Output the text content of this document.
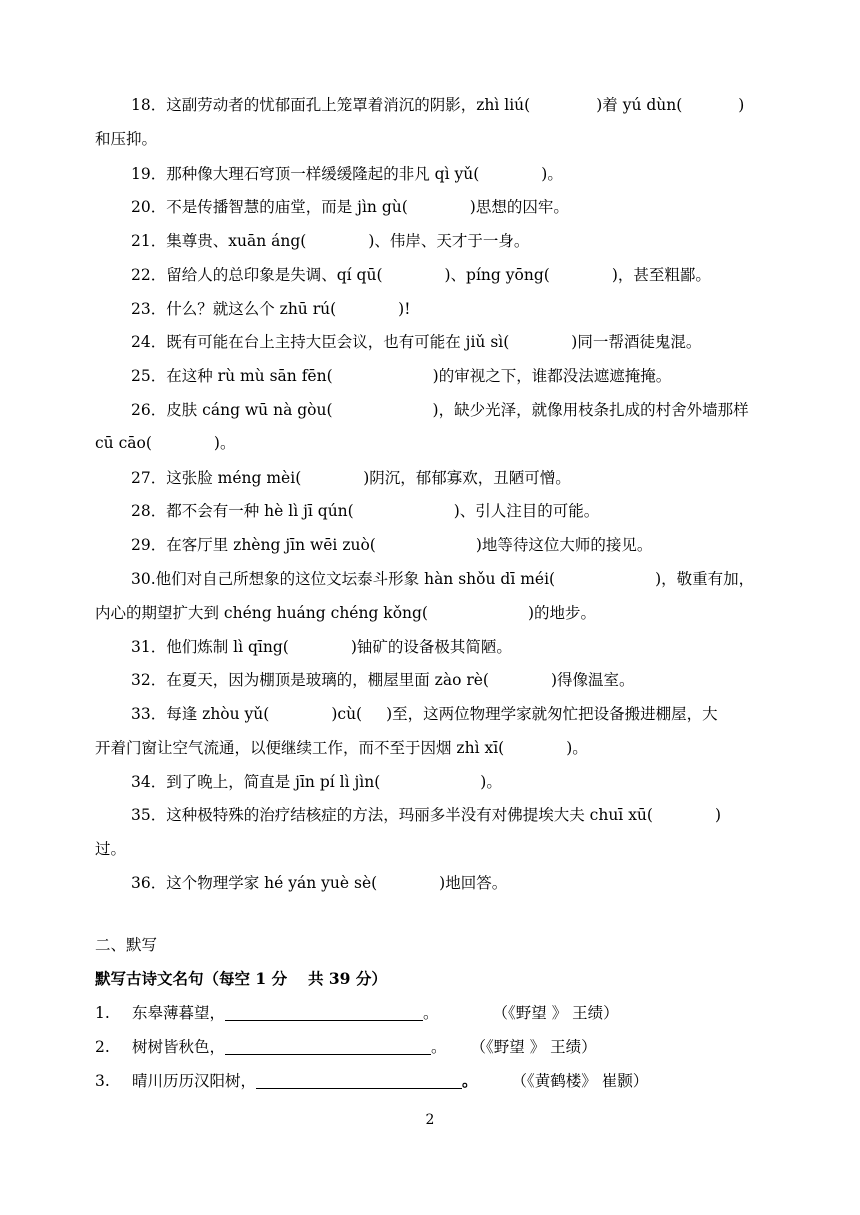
18．这副劳动者的忧郁面孔上笼罩着消沉的阴影，zhì liú(	)着 yú dùn(	)
和压抑。
19．那种像大理石穹顶一样缓缓隆起的非凡 qì yǔ(	)。
20．不是传播智慧的庙堂，而是 jìn gù(	)思想的囚牢。
21．集尊贵、xuān áng(	)、伟岸、天才于一身。
22．留给人的总印象是失调、qí qū(	)、píng yōng(	)，甚至粗鄙。
23．什么？就这么个 zhū rú(	)!
24．既有可能在台上主持大臣会议，也有可能在 jiǔ sì(	)同一帮酒徒鬼混。
25．在这种 rù mù sān fēn(	)的审视之下，谁都没法遮遮掩掩。
26．皮肤 cáng wū nà gòu(	)，缺少光泽，就像用枝条扎成的村舍外墙那样
cū cāo(	)。
27．这张脸 méng mèi(	)阴沉，郁郁寡欢，丑陋可憎。
28．都不会有一种 hè lì jī qún(	)、引人注目的可能。
29．在客厅里 zhèng jīn wēi zuò(	)地等待这位大师的接见。
30.他们对自己所想象的这位文坛泰斗形象 hàn shǒu dī méi(	)，敬重有加，
内心的期望扩大到 chéng huáng chéng kǒng(	)的地步。
31．他们炼制 lì qīng(	)铀矿的设备极其简陋。
32．在夏天，因为棚顶是玻璃的，棚屋里面 zào rè(	)得像温室。
33．每逢 zhòu yǔ(	)cù( )至，这两位物理学家就匆忙把设备搬进棚屋，大
开着门窗让空气流通，以便继续工作，而不至于因烟 zhì xī(	)。
34．到了晚上，简直是 jīn pí lì jìn(	)。
35．这种极特殊的治疗结核症的方法，玛丽多半没有对佛提埃大夫 chuī xū(	)
过。
36．这个物理学家 hé yán yuè sè(	)地回答。
二、默写
默写古诗文名句（每空 1 分　 共 39 分）
1. 东皋薄暮望，	。	（《野望 》 王绩）
2. 树树皆秋色，	。 （《野望 》 王绩）
3. 晴川历历汉阳树，	。 （《黄鹤楼》 崔颢）
2
